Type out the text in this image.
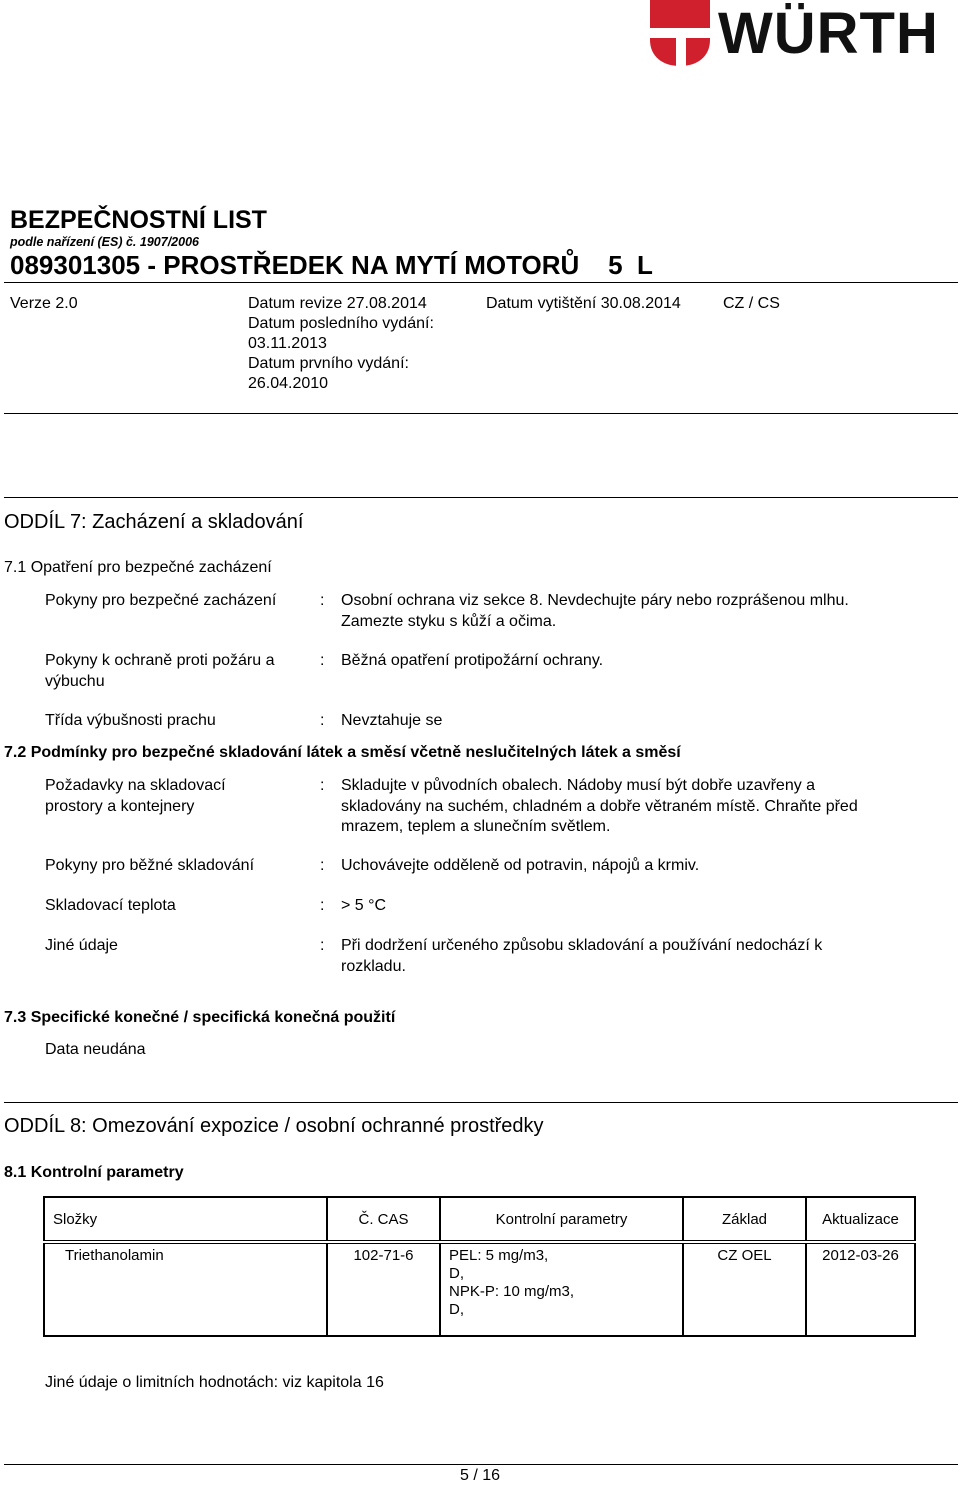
WÜRTH
BEZPEČNOSTNÍ LIST
podle nařízení (ES) č. 1907/2006
089301305 - PROSTŘEDEK NA MYTÍ MOTORŮ    5  L
Verze 2.0	Datum revize 27.08.2014
Datum posledního vydání:
03.11.2013
Datum prvního vydání:
26.04.2010
Datum vytištění 30.08.2014	CZ / CS
ODDÍL 7: Zacházení a skladování
7.1 Opatření pro bezpečné zacházení
Pokyny pro bezpečné zacházení	: Osobní ochrana viz sekce 8. Nevdechujte páry nebo rozprášenou mlhu. Zamezte styku s kůží a očima.
Pokyny k ochraně proti požáru a výbuchu
: Běžná opatření protipožární ochrany.
Třída výbušnosti prachu	: Nevztahuje se
7.2 Podmínky pro bezpečné skladování látek a směsí včetně neslučitelných látek a směsí
Požadavky na skladovací prostory a kontejnery
: Skladujte v původních obalech. Nádoby musí být dobře uzavřeny a skladovány na suchém, chladném a dobře větraném místě. Chraňte před mrazem, teplem a slunečním světlem.
Pokyny pro běžné skladování	: Uchovávejte odděleně od potravin, nápojů a krmiv.
Skladovací teplota	: > 5 °C
Jiné údaje	: Při dodržení určeného způsobu skladování a používání nedochází k rozkladu.
7.3 Specifické konečné / specifická konečná použití
Data neudána
ODDÍL 8: Omezování expozice / osobní ochranné prostředky
8.1 Kontrolní parametry
Složky	Č. CAS	Kontrolní parametry	Základ	Aktualizace

Triethanolamin	102-71-6	PEL: 5 mg/m3,
D,
NPK-P: 10 mg/m3,
D,	CZ OEL	2012-03-26
Jiné údaje o limitních hodnotách: viz kapitola 16
5 / 16
